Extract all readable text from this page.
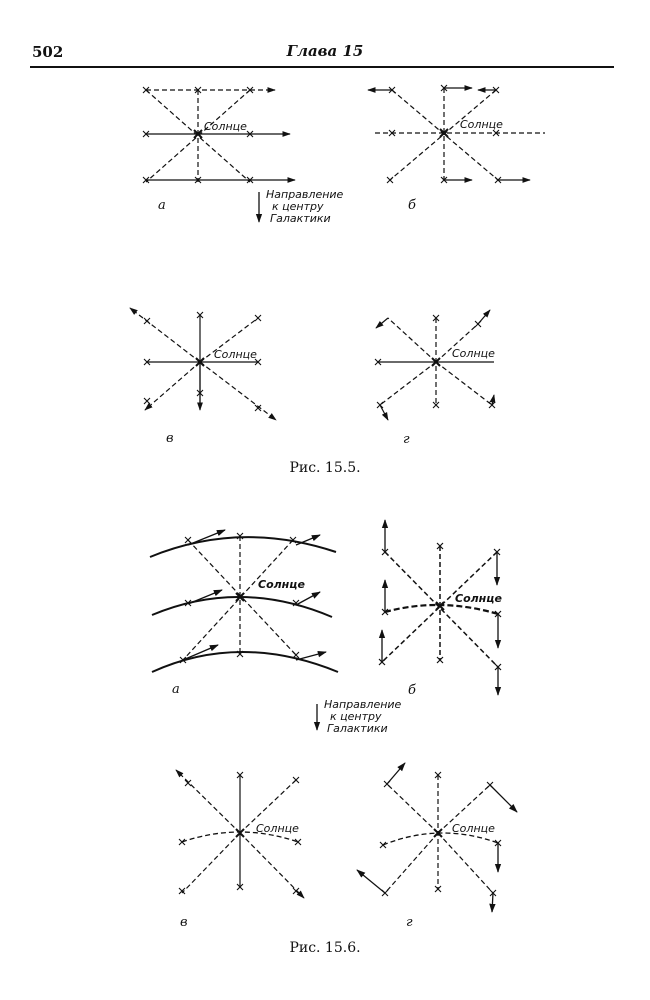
502	Глава 15
Солнце
а
Направление
к центру
Галактики
Солнце
б
Солнце
в
Солнце
г
Солнце
а
Направление
к центру
Галактики
Солнце
б
Солнце
в
Солнце
г
Рис. 15.5.
Рис. 15.6.
